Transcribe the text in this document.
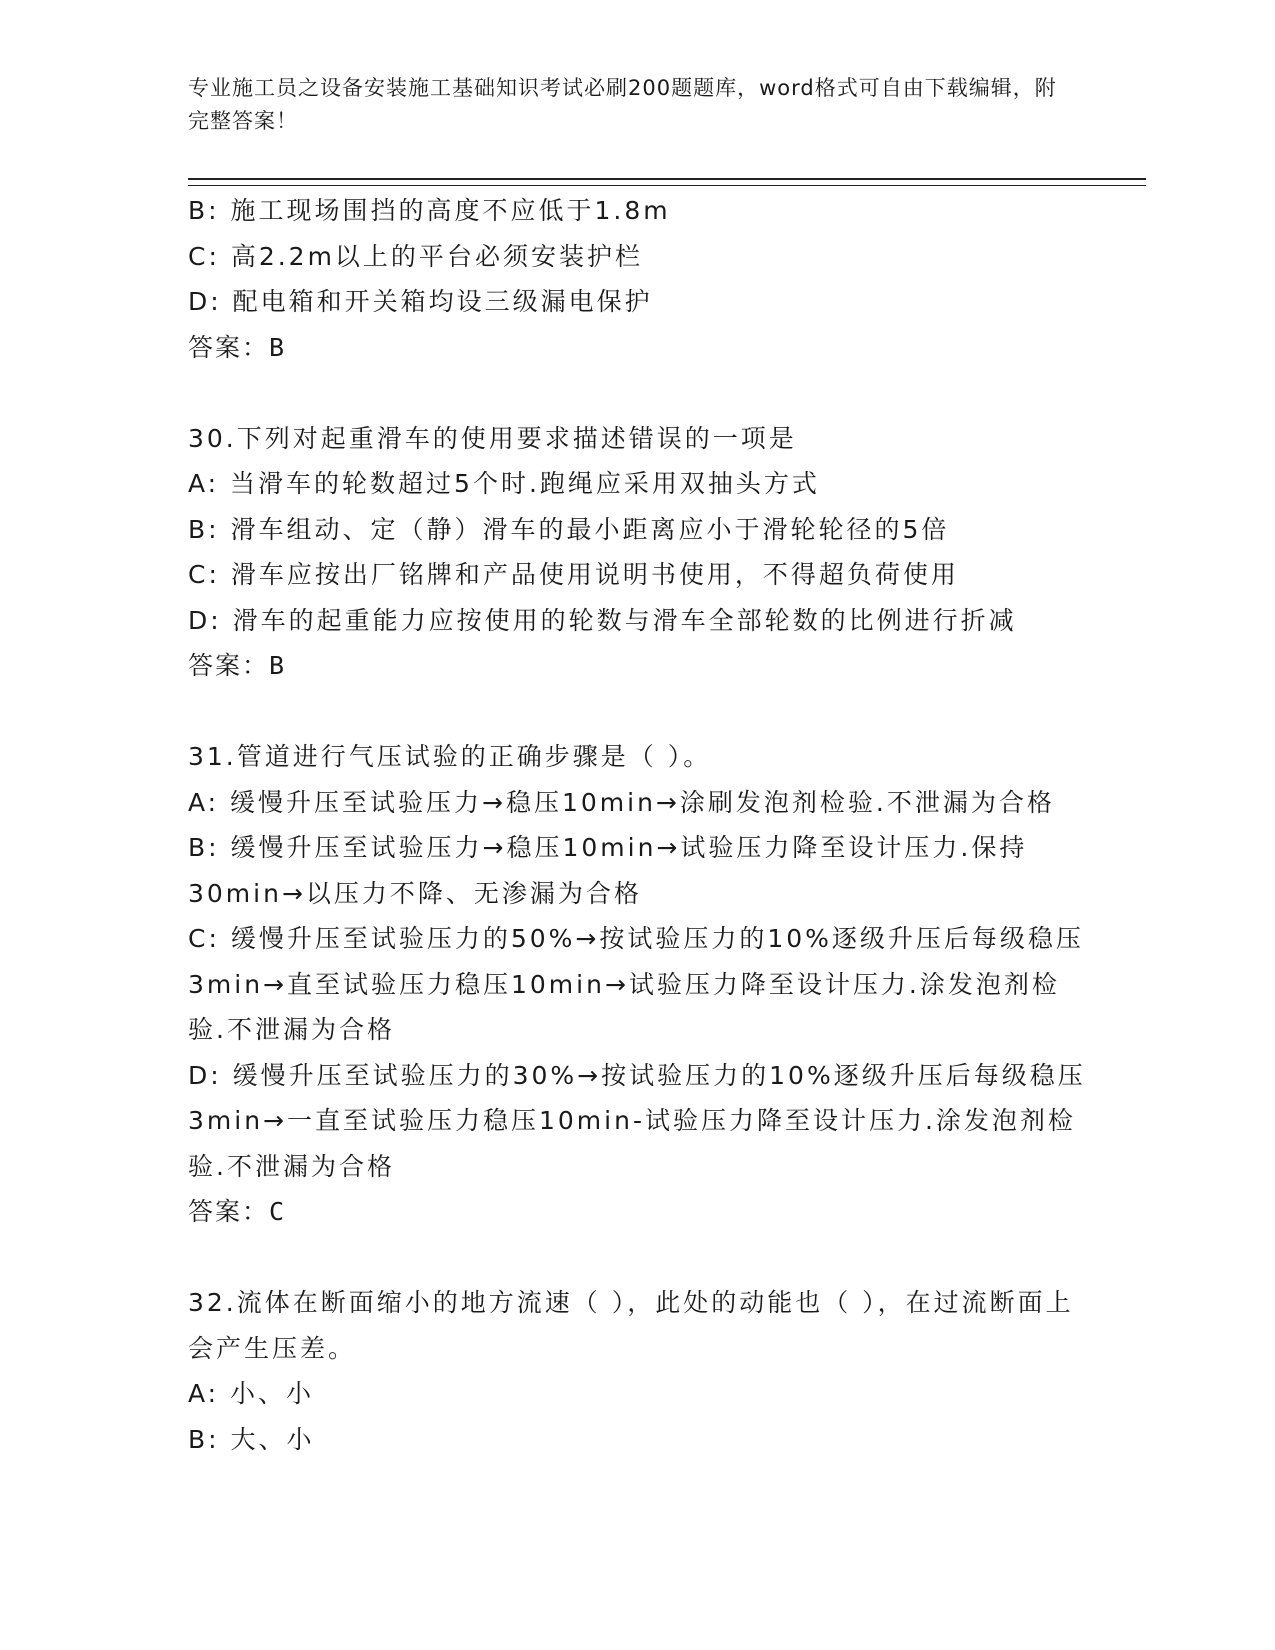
专业施工员之设备安装施工基础知识考试必刷200题题库，word格式可自由下载编辑，附完整答案！
B: 施工现场围挡的高度不应低于1.8m
C: 高2.2m以上的平台必须安装护栏
D: 配电箱和开关箱均设三级漏电保护
答案：B
30.下列对起重滑车的使用要求描述错误的一项是
A: 当滑车的轮数超过5个时.跑绳应采用双抽头方式
B: 滑车组动、定（静）滑车的最小距离应小于滑轮轮径的5倍
C: 滑车应按出厂铭牌和产品使用说明书使用，不得超负荷使用
D: 滑车的起重能力应按使用的轮数与滑车全部轮数的比例进行折减
答案：B
31.管道进行气压试验的正确步骤是（ ）。
A: 缓慢升压至试验压力→稳压10min→涂刷发泡剂检验.不泄漏为合格
B: 缓慢升压至试验压力→稳压10min→试验压力降至设计压力.保持30min→以压力不降、无渗漏为合格
C: 缓慢升压至试验压力的50%→按试验压力的10%逐级升压后每级稳压3min→直至试验压力稳压10min→试验压力降至设计压力.涂发泡剂检验.不泄漏为合格
D: 缓慢升压至试验压力的30%→按试验压力的10%逐级升压后每级稳压3min→一直至试验压力稳压10min-试验压力降至设计压力.涂发泡剂检验.不泄漏为合格
答案：C
32.流体在断面缩小的地方流速（ ），此处的动能也（ ），在过流断面上会产生压差。
A: 小、小
B: 大、小
